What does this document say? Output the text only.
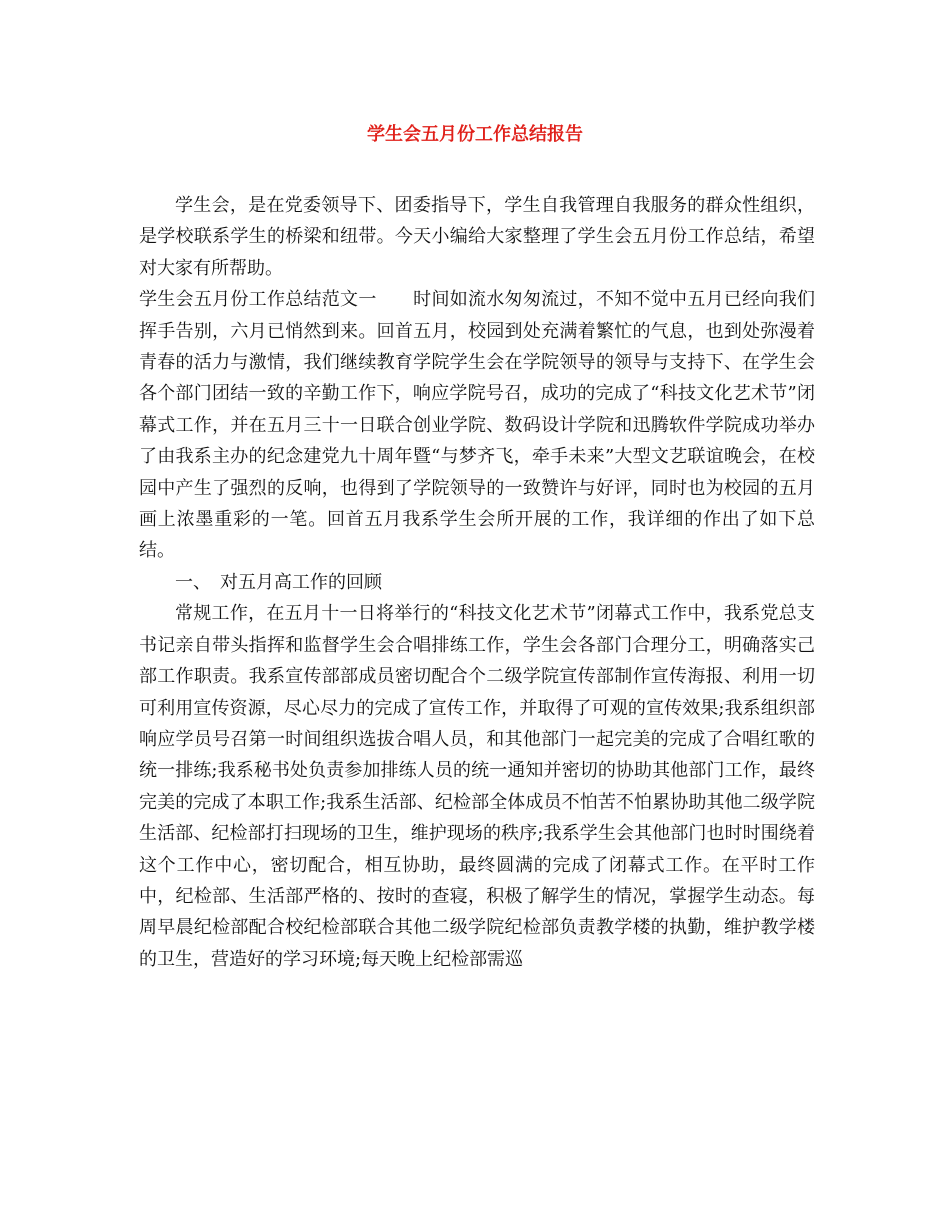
学生会五月份工作总结报告

学生会，是在党委领导下、团委指导下，学生自我管理自我服务的群众性组织，是学校联系学生的桥梁和纽带。今天小编给大家整理了学生会五月份工作总结，希望对大家有所帮助。

学生会五月份工作总结范文一　　时间如流水匆匆流过，不知不觉中五月已经向我们挥手告别，六月已悄然到来。回首五月，校园到处充满着繁忙的气息，也到处弥漫着青春的活力与激情，我们继续教育学院学生会在学院领导的领导与支持下、在学生会各个部门团结一致的辛勤工作下，响应学院号召，成功的完成了“科技文化艺术节”闭幕式工作，并在五月三十一日联合创业学院、数码设计学院和迅腾软件学院成功举办了由我系主办的纪念建党九十周年暨“与梦齐飞，牵手未来”大型文艺联谊晚会，在校园中产生了强烈的反响，也得到了学院领导的一致赞许与好评，同时也为校园的五月画上浓墨重彩的一笔。回首五月我系学生会所开展的工作，我详细的作出了如下总结。

一、　对五月高工作的回顾

常规工作，在五月十一日将举行的“科技文化艺术节”闭幕式工作中，我系党总支书记亲自带头指挥和监督学生会合唱排练工作，学生会各部门合理分工，明确落实己部工作职责。我系宣传部部成员密切配合个二级学院宣传部制作宣传海报、利用一切可利用宣传资源，尽心尽力的完成了宣传工作，并取得了可观的宣传效果;我系组织部响应学员号召第一时间组织选拔合唱人员，和其他部门一起完美的完成了合唱红歌的统一排练;我系秘书处负责参加排练人员的统一通知并密切的协助其他部门工作，最终完美的完成了本职工作;我系生活部、纪检部全体成员不怕苦不怕累协助其他二级学院生活部、纪检部打扫现场的卫生，维护现场的秩序;我系学生会其他部门也时时围绕着这个工作中心，密切配合，相互协助，最终圆满的完成了闭幕式工作。在平时工作中，纪检部、生活部严格的、按时的查寝，积极了解学生的情况，掌握学生动态。每周早晨纪检部配合校纪检部联合其他二级学院纪检部负责教学楼的执勤，维护教学楼的卫生，营造好的学习环境;每天晚上纪检部需巡
